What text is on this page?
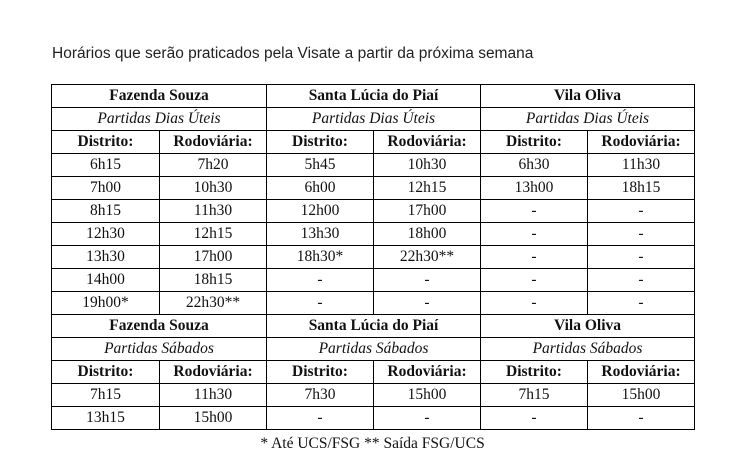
Horários que serão praticados pela Visate a partir da próxima semana
Fazenda Souza		Santa Lúcia do Piaí		Vila Oliva	
Partidas Dias Úteis		Partidas Dias Úteis		Partidas Dias Úteis	
Distrito:	Rodoviária:	Distrito:	Rodoviária:	Distrito:	Rodoviária:
6h15	7h20	5h45	10h30	6h30	11h30
7h00	10h30	6h00	12h15	13h00	18h15
8h15	11h30	12h00	17h00	-	-
12h30	12h15	13h30	18h00	-	-
13h30	17h00	18h30*	22h30**	-	-
14h00	18h15	-	-	-	-
19h00*	22h30**	-	-	-	-
Fazenda Souza		Santa Lúcia do Piaí		Vila Oliva	
Partidas Sábados		Partidas Sábados		Partidas Sábados	
Distrito:	Rodoviária:	Distrito:	Rodoviária:	Distrito:	Rodoviária:
7h15	11h30	7h30	15h00	7h15	15h00
13h15	15h00	-	-	-	-
* Até UCS/FSG ** Saída FSG/UCS
